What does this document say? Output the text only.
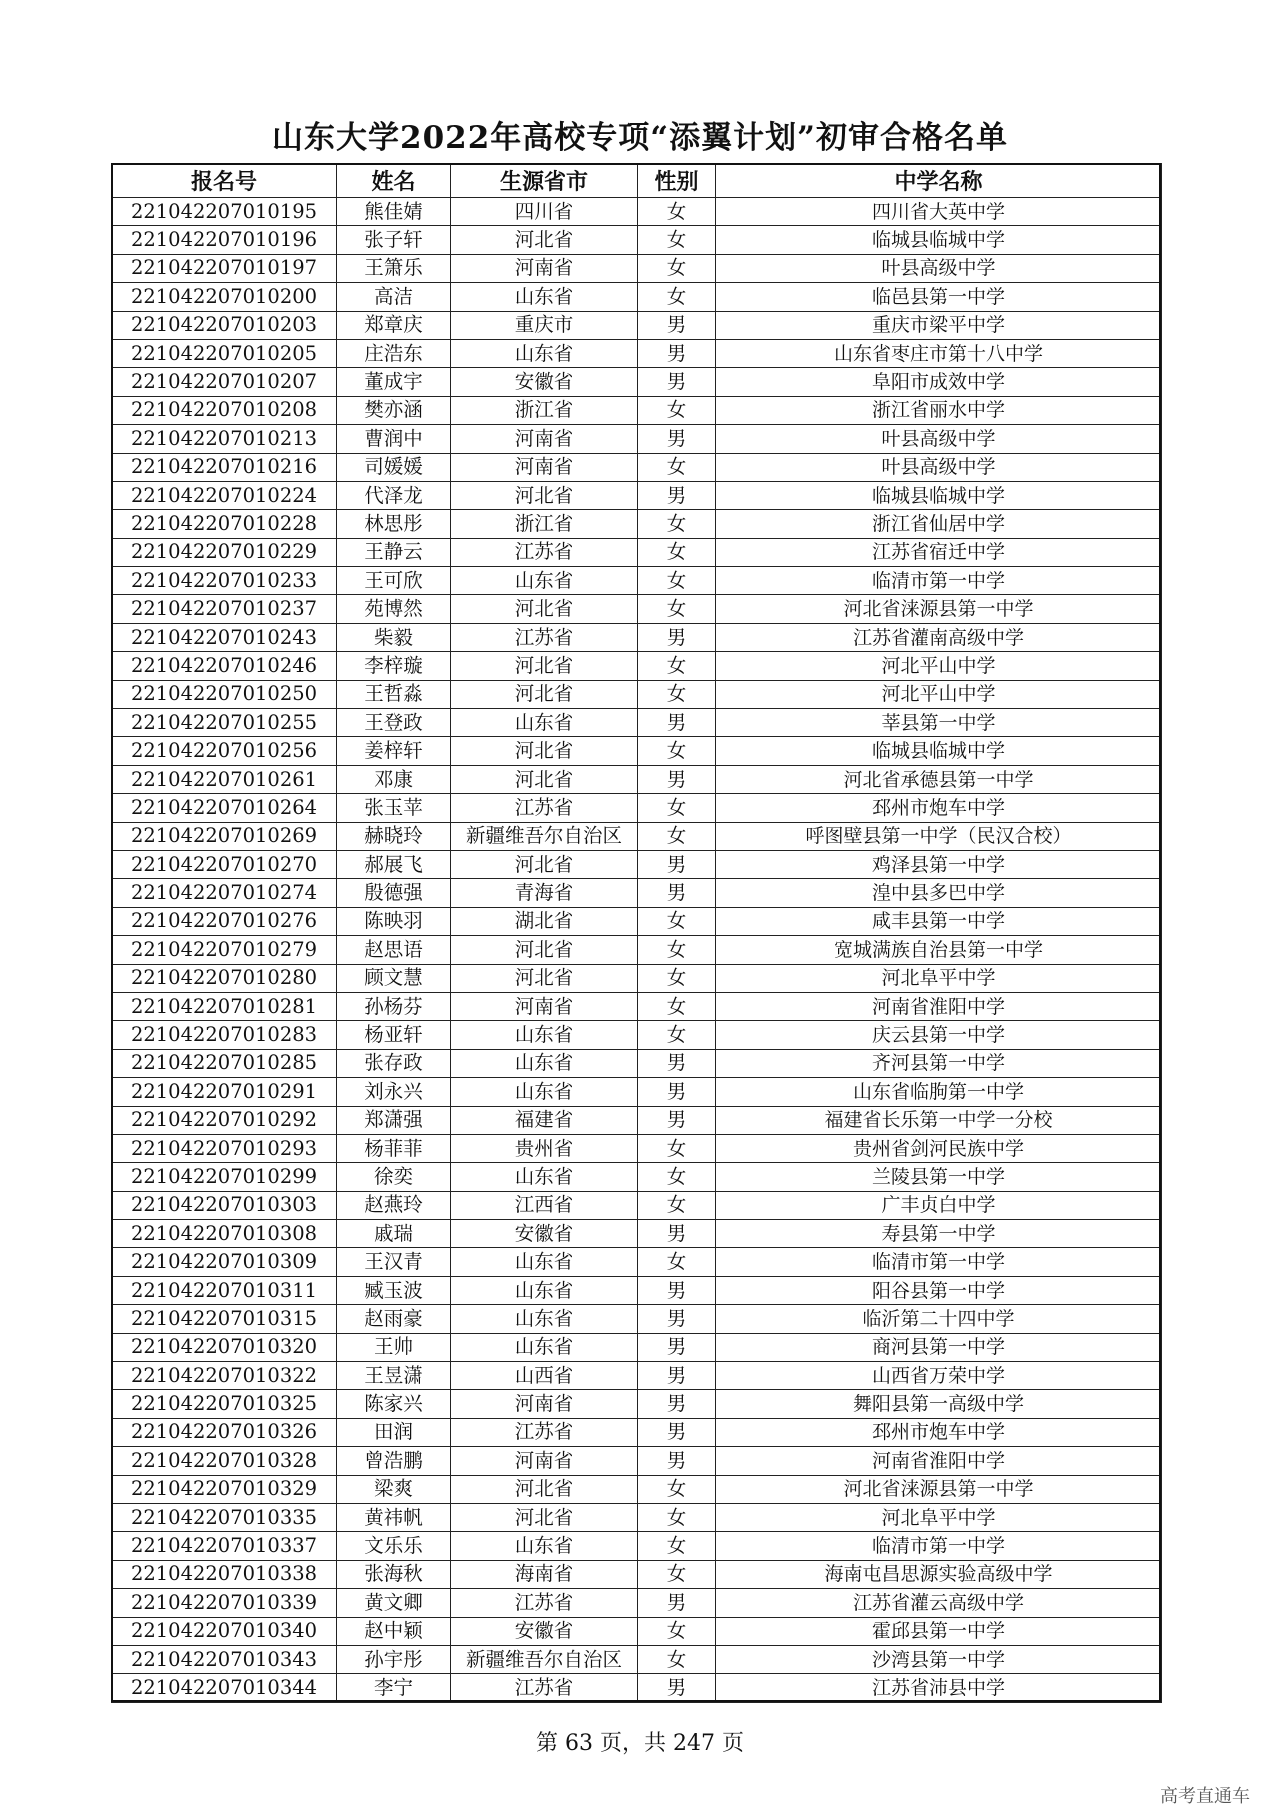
山东大学2022年高校专项“添翼计划”初审合格名单
报名号	姓名	生源省市	性别	中学名称
221042207010195	熊佳婧	四川省	女	四川省大英中学
221042207010196	张子轩	河北省	女	临城县临城中学
221042207010197	王箫乐	河南省	女	叶县高级中学
221042207010200	高洁	山东省	女	临邑县第一中学
221042207010203	郑章庆	重庆市	男	重庆市梁平中学
221042207010205	庄浩东	山东省	男	山东省枣庄市第十八中学
221042207010207	董成宇	安徽省	男	阜阳市成效中学
221042207010208	樊亦涵	浙江省	女	浙江省丽水中学
221042207010213	曹润中	河南省	男	叶县高级中学
221042207010216	司媛媛	河南省	女	叶县高级中学
221042207010224	代泽龙	河北省	男	临城县临城中学
221042207010228	林思彤	浙江省	女	浙江省仙居中学
221042207010229	王静云	江苏省	女	江苏省宿迁中学
221042207010233	王可欣	山东省	女	临清市第一中学
221042207010237	苑博然	河北省	女	河北省涞源县第一中学
221042207010243	柴毅	江苏省	男	江苏省灌南高级中学
221042207010246	李梓璇	河北省	女	河北平山中学
221042207010250	王哲淼	河北省	女	河北平山中学
221042207010255	王登政	山东省	男	莘县第一中学
221042207010256	姜梓轩	河北省	女	临城县临城中学
221042207010261	邓康	河北省	男	河北省承德县第一中学
221042207010264	张玉苹	江苏省	女	邳州市炮车中学
221042207010269	赫晓玲	新疆维吾尔自治区	女	呼图壁县第一中学（民汉合校）
221042207010270	郝展飞	河北省	男	鸡泽县第一中学
221042207010274	殷德强	青海省	男	湟中县多巴中学
221042207010276	陈映羽	湖北省	女	咸丰县第一中学
221042207010279	赵思语	河北省	女	宽城满族自治县第一中学
221042207010280	顾文慧	河北省	女	河北阜平中学
221042207010281	孙杨芬	河南省	女	河南省淮阳中学
221042207010283	杨亚轩	山东省	女	庆云县第一中学
221042207010285	张存政	山东省	男	齐河县第一中学
221042207010291	刘永兴	山东省	男	山东省临朐第一中学
221042207010292	郑潇强	福建省	男	福建省长乐第一中学一分校
221042207010293	杨菲菲	贵州省	女	贵州省剑河民族中学
221042207010299	徐奕	山东省	女	兰陵县第一中学
221042207010303	赵燕玲	江西省	女	广丰贞白中学
221042207010308	戚瑞	安徽省	男	寿县第一中学
221042207010309	王汉青	山东省	女	临清市第一中学
221042207010311	臧玉波	山东省	男	阳谷县第一中学
221042207010315	赵雨豪	山东省	男	临沂第二十四中学
221042207010320	王帅	山东省	男	商河县第一中学
221042207010322	王昱潇	山西省	男	山西省万荣中学
221042207010325	陈家兴	河南省	男	舞阳县第一高级中学
221042207010326	田润	江苏省	男	邳州市炮车中学
221042207010328	曾浩鹏	河南省	男	河南省淮阳中学
221042207010329	梁爽	河北省	女	河北省涞源县第一中学
221042207010335	黄祎帆	河北省	女	河北阜平中学
221042207010337	文乐乐	山东省	女	临清市第一中学
221042207010338	张海秋	海南省	女	海南屯昌思源实验高级中学
221042207010339	黄文卿	江苏省	男	江苏省灌云高级中学
221042207010340	赵中颖	安徽省	女	霍邱县第一中学
221042207010343	孙宇彤	新疆维吾尔自治区	女	沙湾县第一中学
221042207010344	李宁	江苏省	男	江苏省沛县中学
第 63 页，共 247 页
高考直通车
